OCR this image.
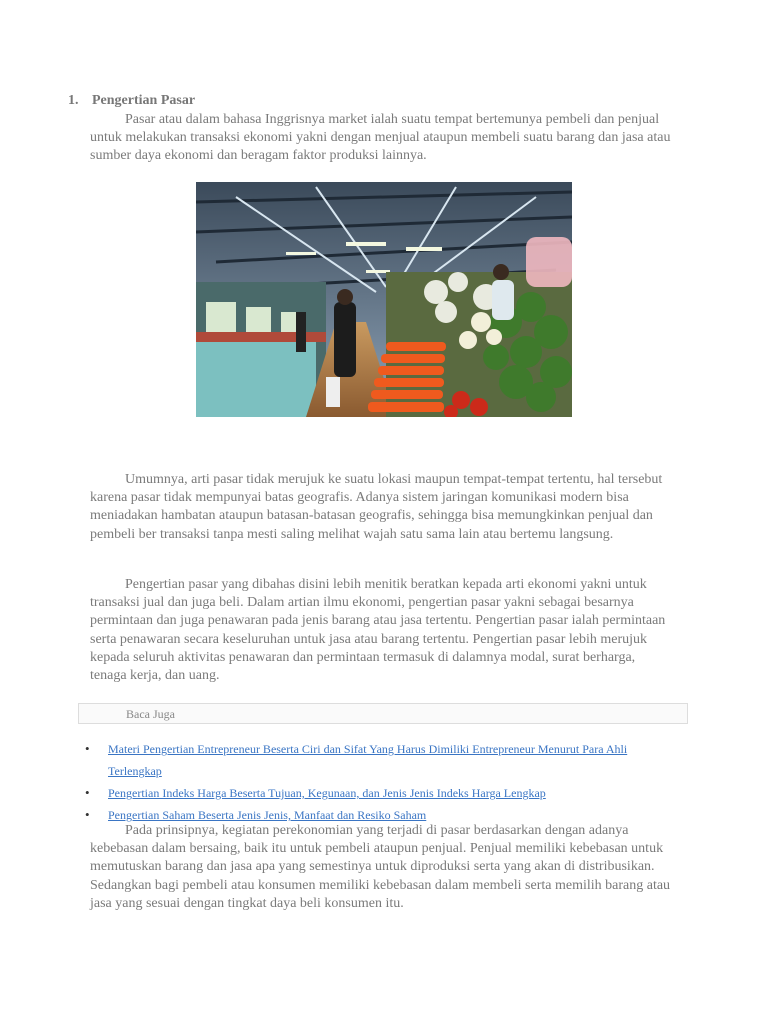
1. Pengertian Pasar

Pasar atau dalam bahasa Inggrisnya market ialah suatu tempat bertemunya pembeli dan penjual untuk melakukan transaksi ekonomi yakni dengan menjual ataupun membeli suatu barang dan jasa atau sumber daya ekonomi dan beragam faktor produksi lainnya.

Umumnya, arti pasar tidak merujuk ke suatu lokasi maupun tempat-tempat tertentu, hal tersebut karena pasar tidak mempunyai batas geografis. Adanya sistem jaringan komunikasi modern bisa meniadakan hambatan ataupun batasan-batasan geografis, sehingga bisa memungkinkan penjual dan pembeli ber transaksi tanpa mesti saling melihat wajah satu sama lain atau bertemu langsung.

Pengertian pasar yang dibahas disini lebih menitik beratkan kepada arti ekonomi yakni untuk transaksi jual dan juga beli. Dalam artian ilmu ekonomi, pengertian pasar yakni sebagai besarnya permintaan dan juga penawaran pada jenis barang atau jasa tertentu. Pengertian pasar ialah permintaan serta penawaran secara keseluruhan untuk jasa atau barang tertentu. Pengertian pasar lebih merujuk kepada seluruh aktivitas penawaran dan permintaan termasuk di dalamnya modal, surat berharga, tenaga kerja, dan uang.

Baca Juga
• Materi Pengertian Entrepreneur Beserta Ciri dan Sifat Yang Harus Dimiliki Entrepreneur Menurut Para Ahli Terlengkap
• Pengertian Indeks Harga Beserta Tujuan, Kegunaan, dan Jenis Jenis Indeks Harga Lengkap
• Pengertian Saham Beserta Jenis Jenis, Manfaat dan Resiko Saham

Pada prinsipnya, kegiatan perekonomian yang terjadi di pasar berdasarkan dengan adanya kebebasan dalam bersaing, baik itu untuk pembeli ataupun penjual. Penjual memiliki kebebasan untuk memutuskan barang dan jasa apa yang semestinya untuk diproduksi serta yang akan di distribusikan. Sedangkan bagi pembeli atau konsumen memiliki kebebasan dalam membeli serta memilih barang atau jasa yang sesuai dengan tingkat daya beli konsumen itu.
